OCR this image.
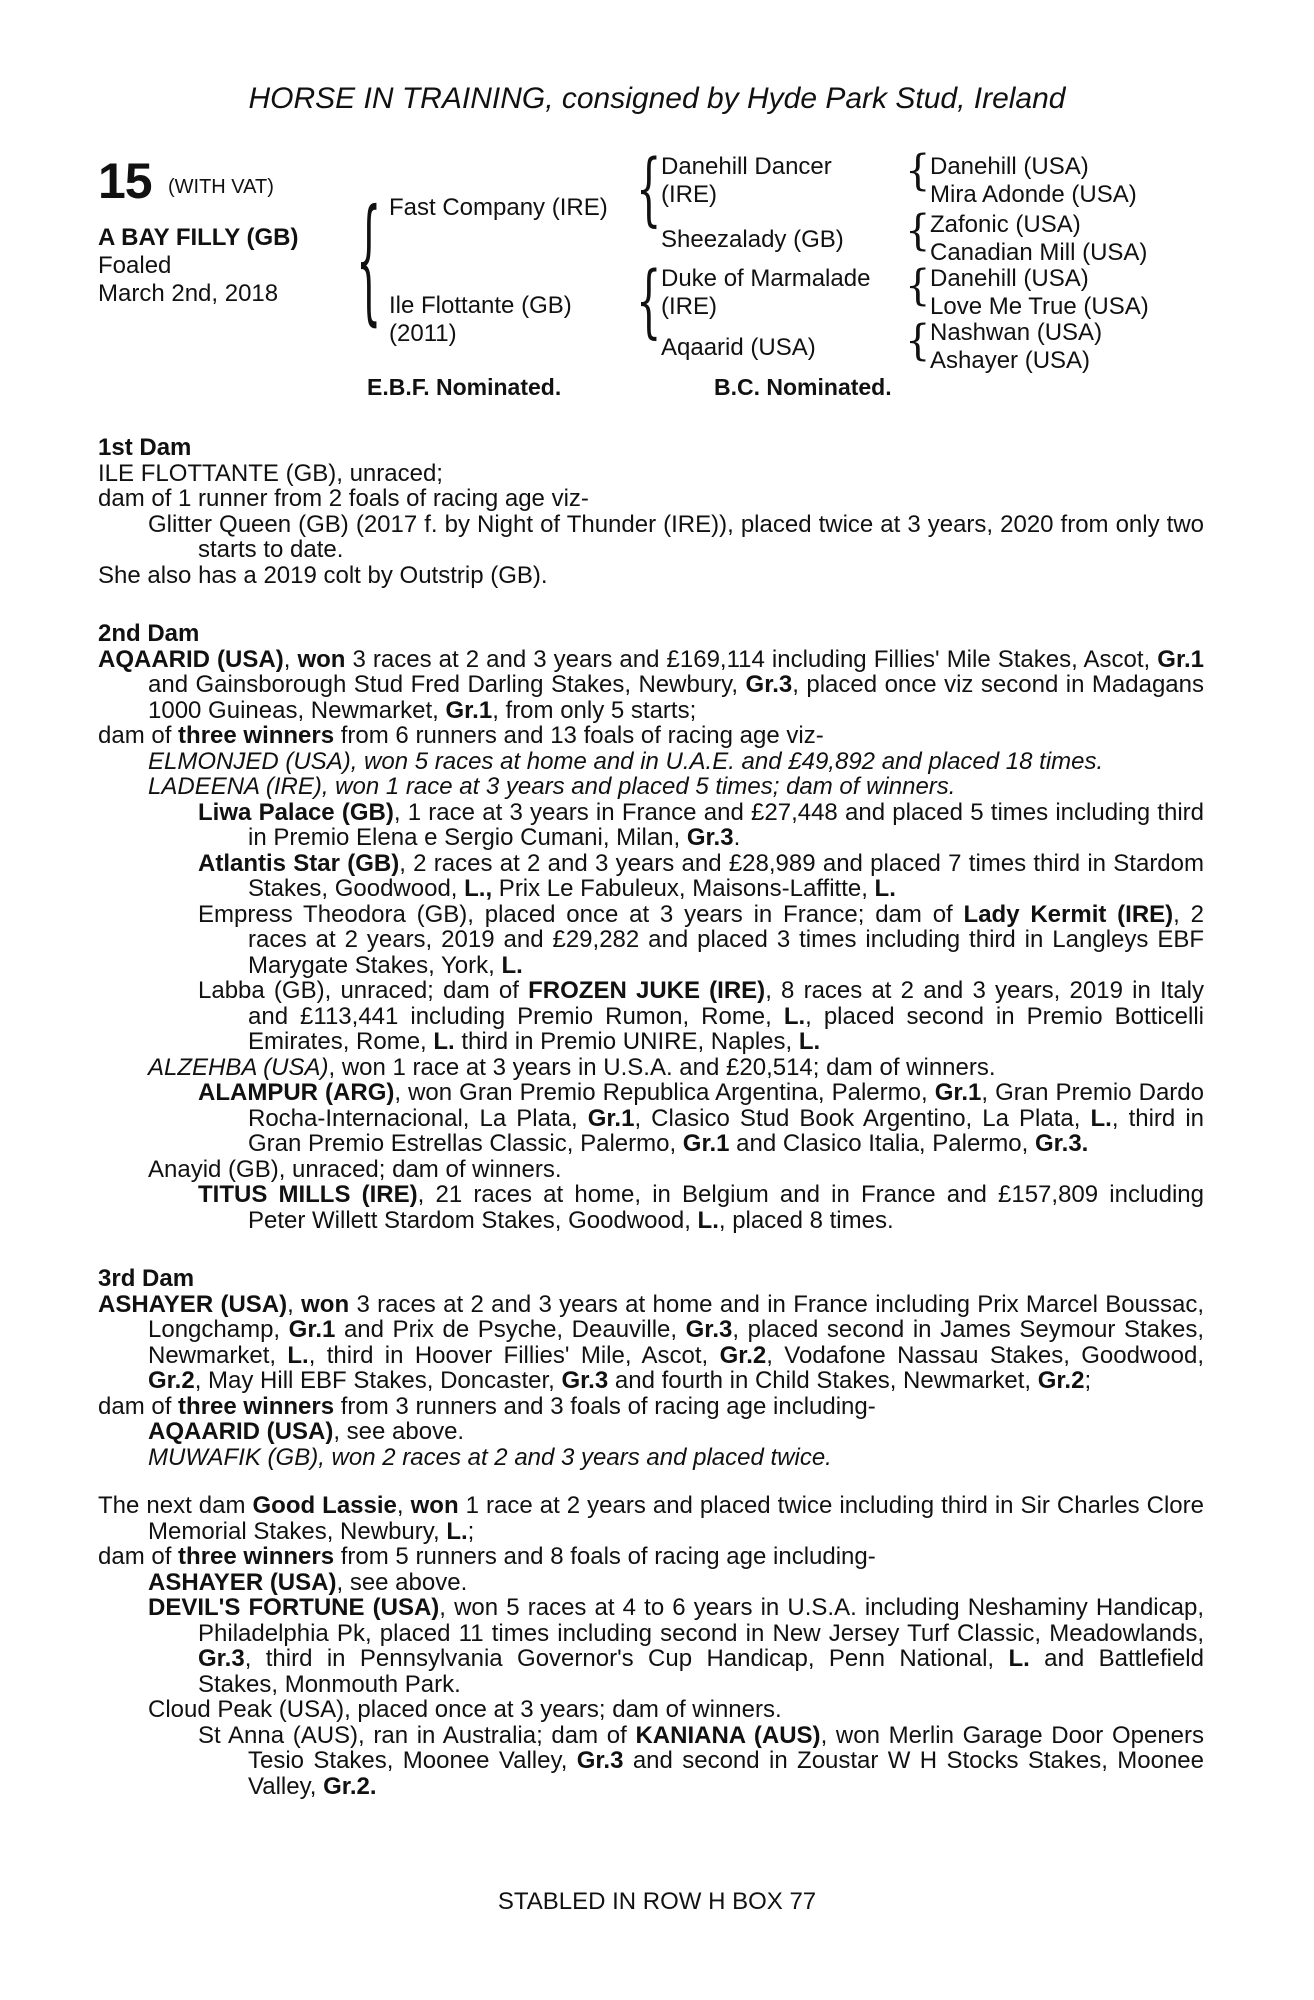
HORSE IN TRAINING, consigned by Hyde Park Stud, Ireland
15 (WITH VAT)
A BAY FILLY (GB)
Foaled
March 2nd, 2018 { Fast Company (IRE)
Ile Flottante (GB)
(2011)
{ Danehill Dancer
(IRE)
Sheezalady (GB)
{ Duke of Marmalade
(IRE)
Aqaarid (USA)
{ Danehill (USA)
Mira Adonde (USA)
{ Zafonic (USA)
Canadian Mill (USA)
{ Danehill (USA)
Love Me True (USA)
{ Nashwan (USA)
Ashayer (USA)
E.B.F. Nominated.	B.C. Nominated.

1st Dam

ILE FLOTTANTE (GB), unraced;

dam of 1 runner from 2 foals of racing age viz-

Glitter Queen (GB) (2017 f. by Night of Thunder (IRE)), placed twice at 3 years, 2020 from only two starts to date.

She also has a 2019 colt by Outstrip (GB).

2nd Dam

AQAARID (USA), won 3 races at 2 and 3 years and £169,114 including Fillies' Mile Stakes, Ascot, Gr.1 and Gainsborough Stud Fred Darling Stakes, Newbury, Gr.3, placed once viz second in Madagans 1000 Guineas, Newmarket, Gr.1, from only 5 starts;

dam of three winners from 6 runners and 13 foals of racing age viz-

ELMONJED (USA), won 5 races at home and in U.A.E. and £49,892 and placed 18 times.

LADEENA (IRE), won 1 race at 3 years and placed 5 times; dam of winners.

Liwa Palace (GB), 1 race at 3 years in France and £27,448 and placed 5 times including third in Premio Elena e Sergio Cumani, Milan, Gr.3.

Atlantis Star (GB), 2 races at 2 and 3 years and £28,989 and placed 7 times third in Stardom Stakes, Goodwood, L., Prix Le Fabuleux, Maisons-Laffitte, L.

Empress Theodora (GB), placed once at 3 years in France; dam of Lady Kermit (IRE), 2 races at 2 years, 2019 and £29,282 and placed 3 times including third in Langleys EBF Marygate Stakes, York, L.

Labba (GB), unraced; dam of FROZEN JUKE (IRE), 8 races at 2 and 3 years, 2019 in Italy and £113,441 including Premio Rumon, Rome, L., placed second in Premio Botticelli Emirates, Rome, L. third in Premio UNIRE, Naples, L.

ALZEHBA (USA), won 1 race at 3 years in U.S.A. and £20,514; dam of winners.

ALAMPUR (ARG), won Gran Premio Republica Argentina, Palermo, Gr.1, Gran Premio Dardo Rocha-Internacional, La Plata, Gr.1, Clasico Stud Book Argentino, La Plata, L., third in Gran Premio Estrellas Classic, Palermo, Gr.1 and Clasico Italia, Palermo, Gr.3.

Anayid (GB), unraced; dam of winners.

TITUS MILLS (IRE), 21 races at home, in Belgium and in France and £157,809 including Peter Willett Stardom Stakes, Goodwood, L., placed 8 times.

3rd Dam

ASHAYER (USA), won 3 races at 2 and 3 years at home and in France including Prix Marcel Boussac, Longchamp, Gr.1 and Prix de Psyche, Deauville, Gr.3, placed second in James Seymour Stakes, Newmarket, L., third in Hoover Fillies' Mile, Ascot, Gr.2, Vodafone Nassau Stakes, Goodwood, Gr.2, May Hill EBF Stakes, Doncaster, Gr.3 and fourth in Child Stakes, Newmarket, Gr.2;

dam of three winners from 3 runners and 3 foals of racing age including-

AQAARID (USA), see above.

MUWAFIK (GB), won 2 races at 2 and 3 years and placed twice.

The next dam Good Lassie, won 1 race at 2 years and placed twice including third in Sir Charles Clore Memorial Stakes, Newbury, L.;

dam of three winners from 5 runners and 8 foals of racing age including-

ASHAYER (USA), see above.

DEVIL'S FORTUNE (USA), won 5 races at 4 to 6 years in U.S.A. including Neshaminy Handicap, Philadelphia Pk, placed 11 times including second in New Jersey Turf Classic, Meadowlands, Gr.3, third in Pennsylvania Governor's Cup Handicap, Penn National, L. and Battlefield Stakes, Monmouth Park.

Cloud Peak (USA), placed once at 3 years; dam of winners.

St Anna (AUS), ran in Australia; dam of KANIANA (AUS), won Merlin Garage Door Openers Tesio Stakes, Moonee Valley, Gr.3 and second in Zoustar W H Stocks Stakes, Moonee Valley, Gr.2.

STABLED IN ROW H BOX 77
